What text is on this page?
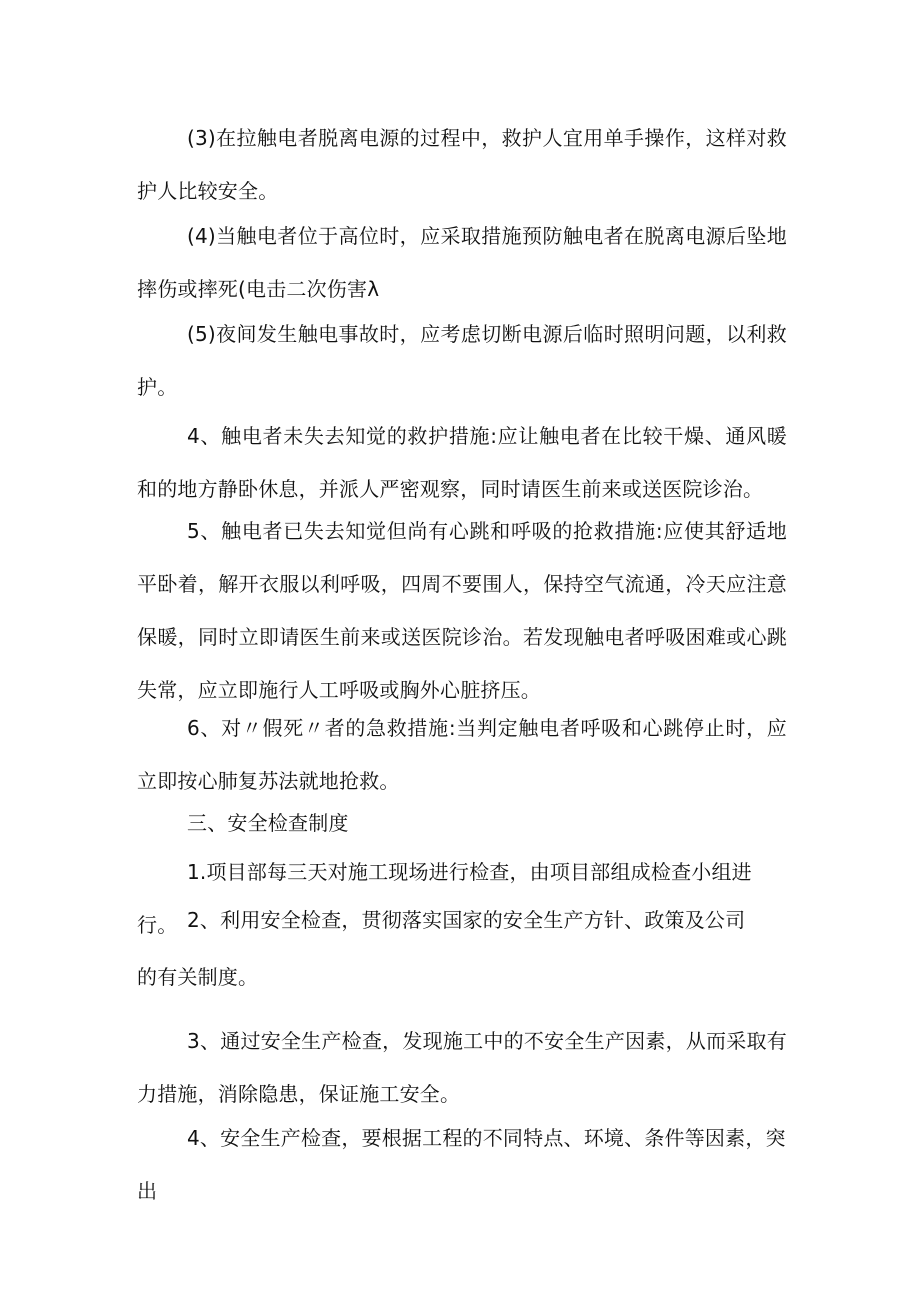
(3)在拉触电者脱离电源的过程中，救护人宜用单手操作，这样对救护人比较安全。

(4)当触电者位于高位时，应采取措施预防触电者在脱离电源后坠地摔伤或摔死(电击二次伤害λ

(5)夜间发生触电事故时，应考虑切断电源后临时照明问题，以利救护。

4、触电者未失去知觉的救护措施:应让触电者在比较干燥、通风暖和的地方静卧休息，并派人严密观察，同时请医生前来或送医院诊治。

5、触电者已失去知觉但尚有心跳和呼吸的抢救措施:应使其舒适地平卧着，解开衣服以利呼吸，四周不要围人，保持空气流通，冷天应注意保暖，同时立即请医生前来或送医院诊治。若发现触电者呼吸困难或心跳失常，应立即施行人工呼吸或胸外心脏挤压。

6、对〃假死〃者的急救措施:当判定触电者呼吸和心跳停止时，应立即按心肺复苏法就地抢救。

三、安全检查制度

1.项目部每三天对施工现场进行检查，由项目部组成检查小组进行。 2、利用安全检查，贯彻落实国家的安全生产方针、政策及公司

的有关制度。

3、通过安全生产检查，发现施工中的不安全生产因素，从而采取有力措施，消除隐患，保证施工安全。

4、安全生产检查，要根据工程的不同特点、环境、条件等因素，突出
